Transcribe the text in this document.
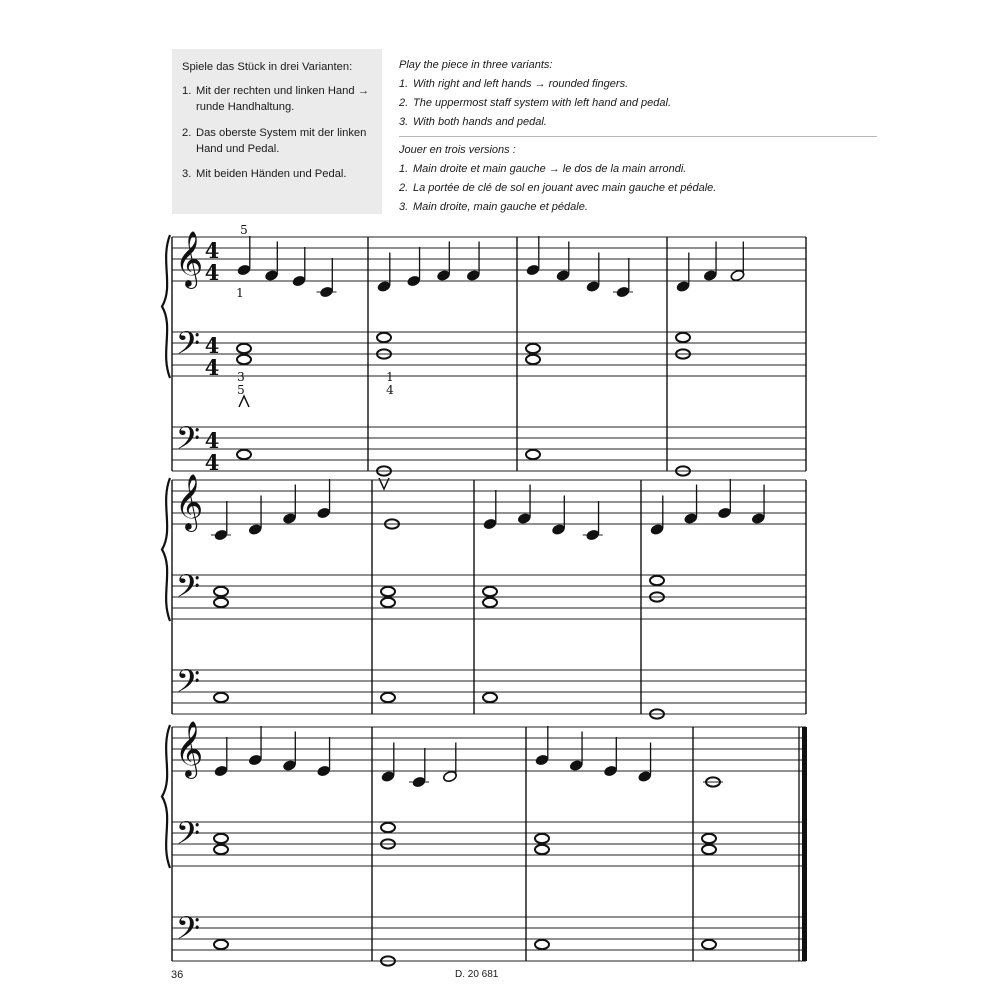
Spiele das Stück in drei Varianten:

1. Mit der rechten und linken Hand → runde Handhaltung.
2. Das oberste System mit der linken Hand und Pedal.
3. Mit beiden Händen und Pedal.

Play the piece in three variants:

1. With right and left hands → rounded fingers.
2. The uppermost staff system with left hand and pedal.
3. With both hands and pedal.

Jouer en trois versions :

1. Main droite et main gauche → le dos de la main arrondi.
2. La portée de clé de sol en jouant avec main gauche et pédale.
3. Main droite, main gauche et pédale.
𝄞
𝄢
𝄢
4
4
4
4
4
4
𝄞
𝄢
𝄢
𝄞
𝄢
𝄢
5
1
3
5
1
4
36	D. 20 681
